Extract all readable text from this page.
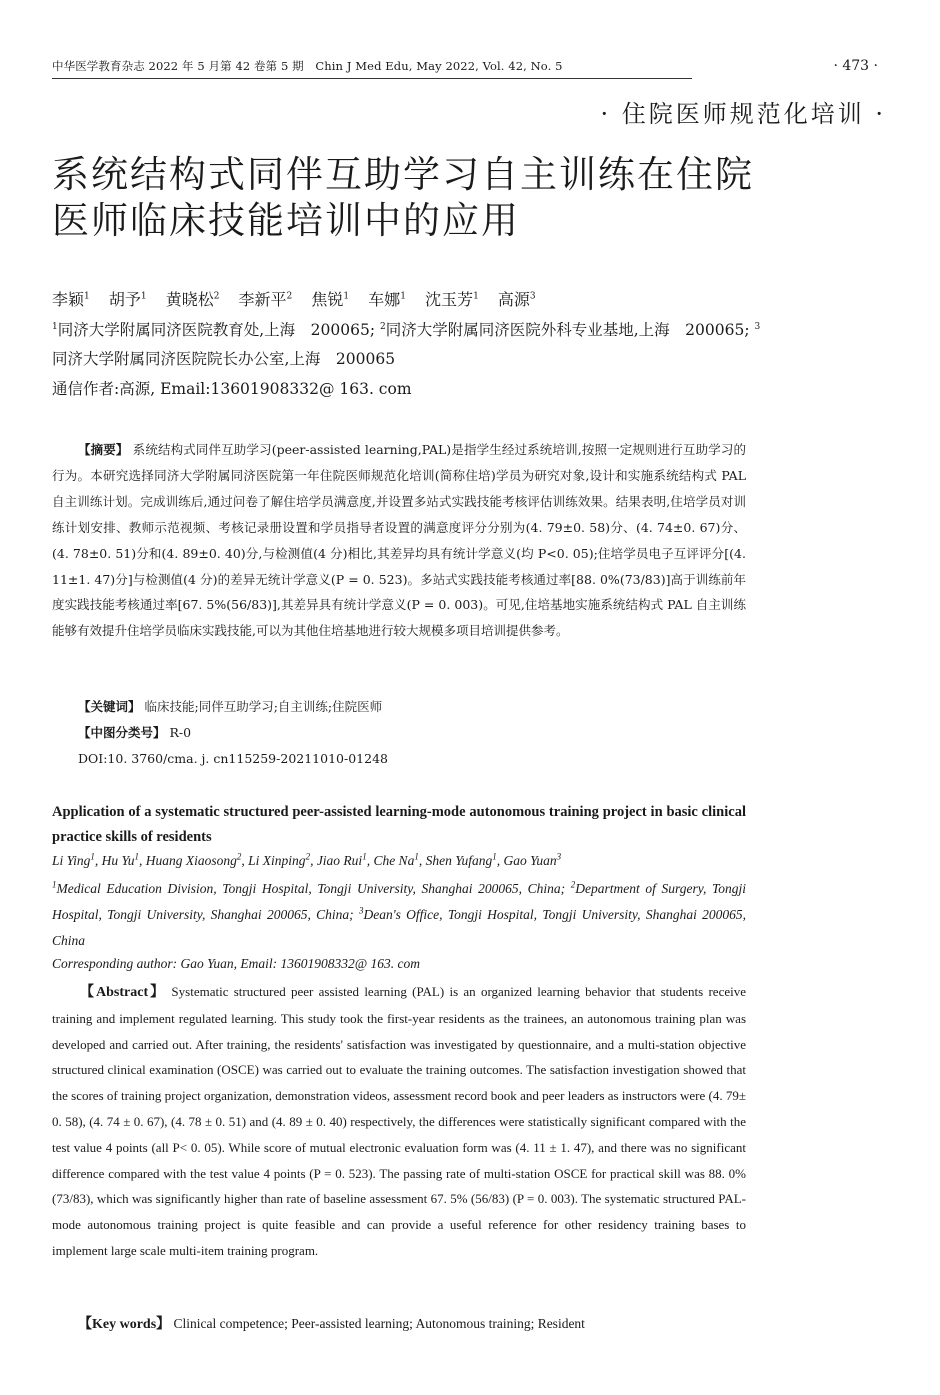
中华医学教育杂志 2022 年 5 月第 42 卷第 5 期　Chin J Med Edu, May 2022, Vol. 42, No. 5	· 473 ·
· 住院医师规范化培训 ·
系统结构式同伴互助学习自主训练在住院
医师临床技能培训中的应用
李颖$^1$ 胡予$^1$ 黄晓松$^2$ 李新平$^2$ 焦锐$^1$ 车娜$^1$ 沈玉芳$^1$ 高源$^3$
$^1$同济大学附属同济医院教育处,上海　200065; $^2$同济大学附属同济医院外科专业基地,上海　200065; $^3$同济大学附属同济医院院长办公室,上海　200065
通信作者:高源, Email:13601908332@ 163. com
【摘要】 系统结构式同伴互助学习(peer-assisted learning,PAL)是指学生经过系统培训,按照一定规则进行互助学习的行为。本研究选择同济大学附属同济医院第一年住院医师规范化培训(简称住培)学员为研究对象,设计和实施系统结构式 PAL 自主训练计划。完成训练后,通过问卷了解住培学员满意度,并设置多站式实践技能考核评估训练效果。结果表明,住培学员对训练计划安排、教师示范视频、考核记录册设置和学员指导者设置的满意度评分分别为(4. 79±0. 58)分、(4. 74±0. 67)分、(4. 78±0. 51)分和(4. 89±0. 40)分,与检测值(4 分)相比,其差异均具有统计学意义(均 P<0. 05);住培学员电子互评评分[(4. 11±1. 47)分]与检测值(4 分)的差异无统计学意义(P = 0. 523)。多站式实践技能考核通过率[88. 0%(73/83)]高于训练前年度实践技能考核通过率[67. 5%(56/83)],其差异具有统计学意义(P = 0. 003)。可见,住培基地实施系统结构式 PAL 自主训练能够有效提升住培学员临床实践技能,可以为其他住培基地进行较大规模多项目培训提供参考。
【关键词】 临床技能;同伴互助学习;自主训练;住院医师
【中图分类号】 R-0
DOI:10. 3760/cma. j. cn115259-20211010-01248
Application of a systematic structured peer-assisted learning-mode autonomous training project in basic clinical practice skills of residents
Li Ying$^1$, Hu Yu$^1$, Huang Xiaosong$^2$, Li Xinping$^2$, Jiao Rui$^1$, Che Na$^1$, Shen Yufang$^1$, Gao Yuan$^3$
$^1$Medical Education Division, Tongji Hospital, Tongji University, Shanghai 200065, China; $^2$Department of Surgery, Tongji Hospital, Tongji University, Shanghai 200065, China; $^3$Dean's Office, Tongji Hospital, Tongji University, Shanghai 200065, China
Corresponding author: Gao Yuan, Email: 13601908332@ 163. com
【Abstract】 Systematic structured peer assisted learning (PAL) is an organized learning behavior that students receive training and implement regulated learning. This study took the first-year residents as the trainees, an autonomous training plan was developed and carried out. After training, the residents' satisfaction was investigated by questionnaire, and a multi-station objective structured clinical examination (OSCE) was carried out to evaluate the training outcomes. The satisfaction investigation showed that the scores of training project organization, demonstration videos, assessment record book and peer leaders as instructors were (4. 79± 0. 58), (4. 74 ± 0. 67), (4. 78 ± 0. 51) and (4. 89 ± 0. 40) respectively, the differences were statistically significant compared with the test value 4 points (all P< 0. 05). While score of mutual electronic evaluation form was (4. 11 ± 1. 47), and there was no significant difference compared with the test value 4 points (P = 0. 523). The passing rate of multi-station OSCE for practical skill was 88. 0% (73/83), which was significantly higher than rate of baseline assessment 67. 5% (56/83) (P = 0. 003). The systematic structured PAL-mode autonomous training project is quite feasible and can provide a useful reference for other residency training bases to implement large scale multi-item training program.
【Key words】 Clinical competence; Peer-assisted learning; Autonomous training; Resident
